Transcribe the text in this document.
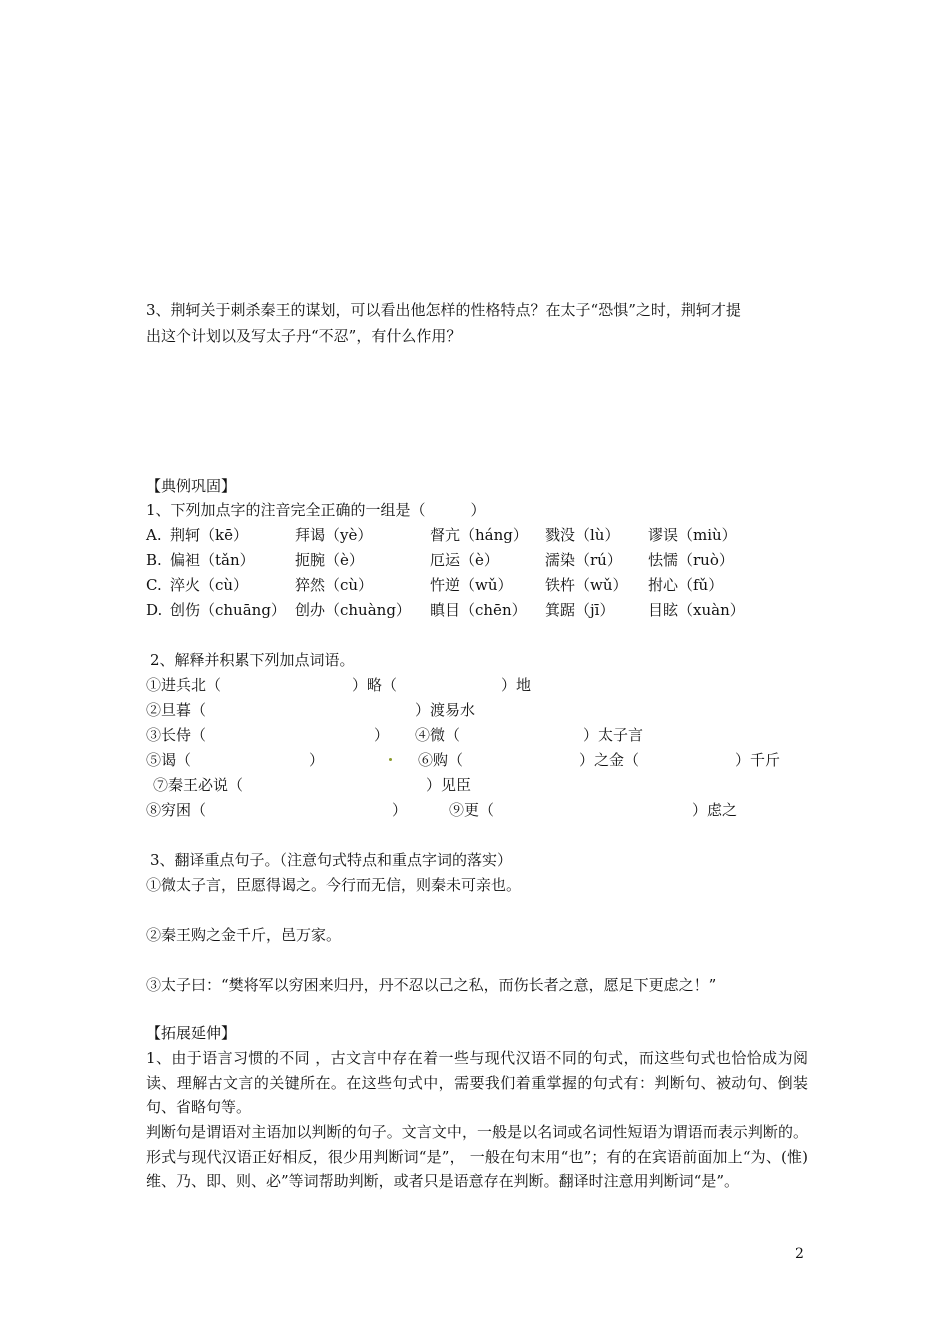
3、荆轲关于刺杀秦王的谋划，可以看出他怎样的性格特点？在太子“恐惧”之时，荆轲才提
出这个计划以及写太子丹“不忍”，有什么作用？
【典例巩固】
1、下列加点字的注音完全正确的一组是（　　　）
A. 荆轲（kē）	拜谒（yè）	督亢（háng） 戮没（lù） 谬误（miù）
B. 偏袒（tǎn）	扼腕（è）	厄运（è）	濡染（rú） 怯懦（ruò）
C. 淬火（cù）	猝然（cù）	忤逆（wǔ） 铁杵（wǔ） 拊心（fǔ）
D. 创伤（chuāng） 创办（chuàng） 瞋目（chēn） 箕踞（jī） 目眩（xuàn）
2、解释并积累下列加点词语。
①进兵北（	）略（	）地
②旦暮（	）渡易水
③长侍（	） ④微（	）太子言
⑤谒（	）	⑥购（	）之金（	）千斤
⑦秦王必说（	）见臣
⑧穷困（	）	⑨更（	）虑之
3、翻译重点句子。（注意句式特点和重点字词的落实）
①微太子言，臣愿得谒之。今行而无信，则秦未可亲也。
②秦王购之金千斤，邑万家。
③太子曰：“樊将军以穷困来归丹，丹不忍以己之私，而伤长者之意，愿足下更虑之！”
【拓展延伸】
1、由于语言习惯的不同 ，古文言中存在着一些与现代汉语不同的句式，而这些句式也恰恰成为阅读、理解古文言的关键所在。在这些句式中，需要我们着重掌握的句式有：判断句、被动句、倒装句、省略句等。
判断句是谓语对主语加以判断的句子。文言文中，一般是以名词或名词性短语为谓语而表示判断的。形式与现代汉语正好相反，很少用判断词“是”， 一般在句末用“也”；有的在宾语前面加上“为、(惟)维、乃、即、则、必”等词帮助判断，或者只是语意存在判断。翻译时注意用判断词“是”。
2
